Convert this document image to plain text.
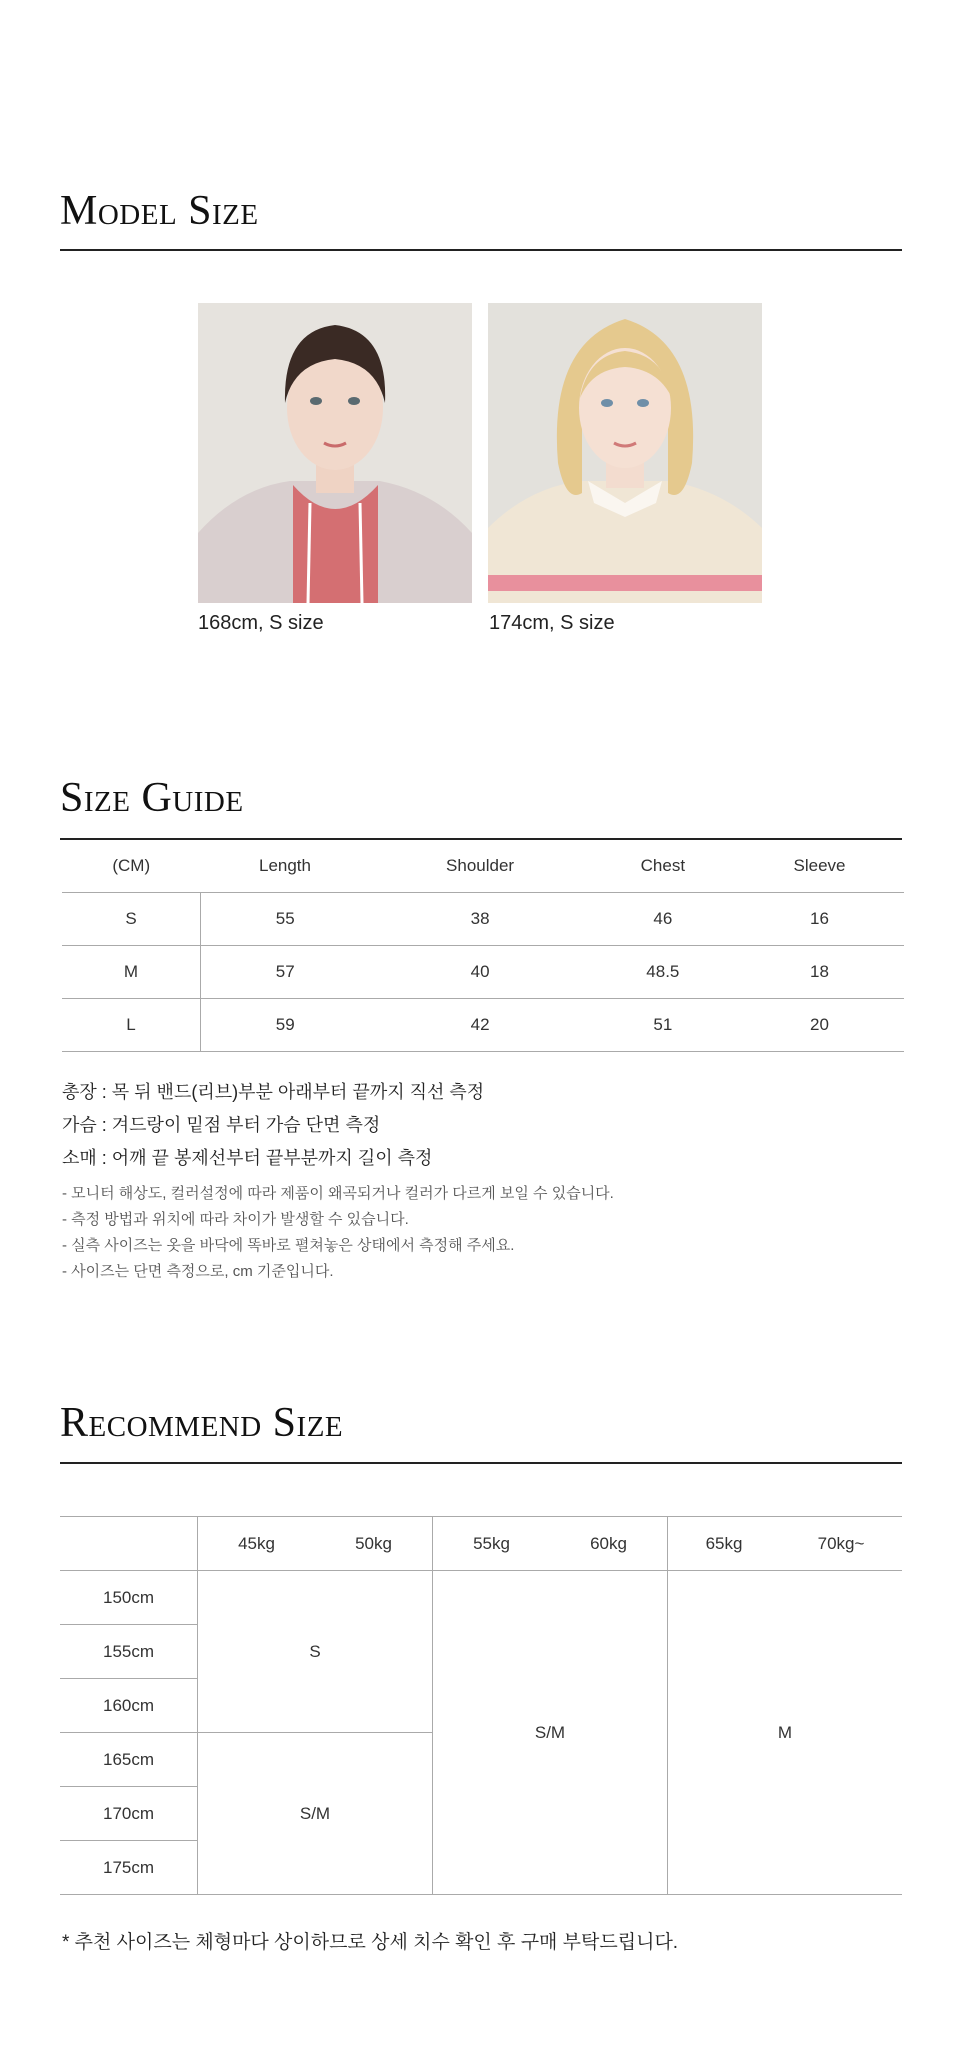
Model Size
168cm, S size	174cm, S size
Size Guide
(CM)	Length	Shoulder	Chest	Sleeve
S	55	38	46	16
M	57	40	48.5	18
L	59	42	51	20
총장 : 목 뒤 밴드(리브)부분 아래부터 끝까지 직선 측정
가슴 : 겨드랑이 밑점 부터 가슴 단면 측정
소매 : 어깨 끝 봉제선부터 끝부분까지 길이 측정
- 모니터 해상도, 컬러설정에 따라 제품이 왜곡되거나 컬러가 다르게 보일 수 있습니다.
- 측정 방법과 위치에 따라 차이가 발생할 수 있습니다.
- 실측 사이즈는 옷을 바닥에 똑바로 펼쳐놓은 상태에서 측정해 주세요.
- 사이즈는 단면 측정으로, cm 기준입니다.
Recommend Size

	45kg 50kg	55kg 60kg	65kg 70kg~

150cm	S	S/M	M
155cm			
160cm			
165cm	S/M		
170cm			
175cm			
* 추천 사이즈는 체형마다 상이하므로 상세 치수 확인 후 구매 부탁드립니다.
